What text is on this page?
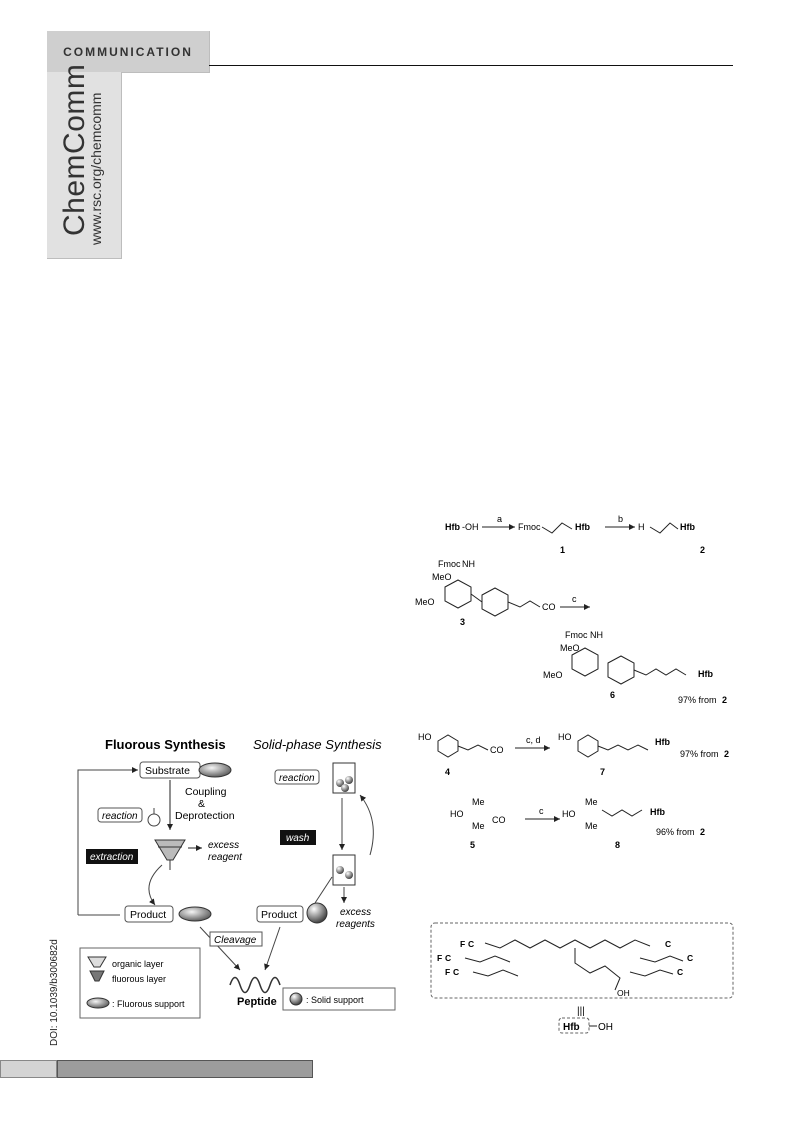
COMMUNICATION
ChemComm
www.rsc.org/chemcomm
DOI: 10.1039/b300682d
Fluorous Synthesis Solid-phase Synthesis
Substrate
reaction
Coupling
&
Deprotection
extraction
excess
reagent
Product
reaction
wash
excess
reagents
Product
Cleavage
Peptide
organic layer
fluorous layer
: Fluorous support	: Solid support
Hfb -OH
a
Fmoc	Hfb
1
b
H	Hfb
2
Fmoc NH
MeO
MeO	CO
3
c
Fmoc NH
MeO
MeO	Hfb
6	97% from 2
HO
CO
4
c, d HO	Hfb
7
97% from 2
Me
HO
Me
CO
5
c
Me
HO
Me
Hfb
8
96% from 2
F C
F C
F C
C
C
C
OH
|||
Hfb OH
